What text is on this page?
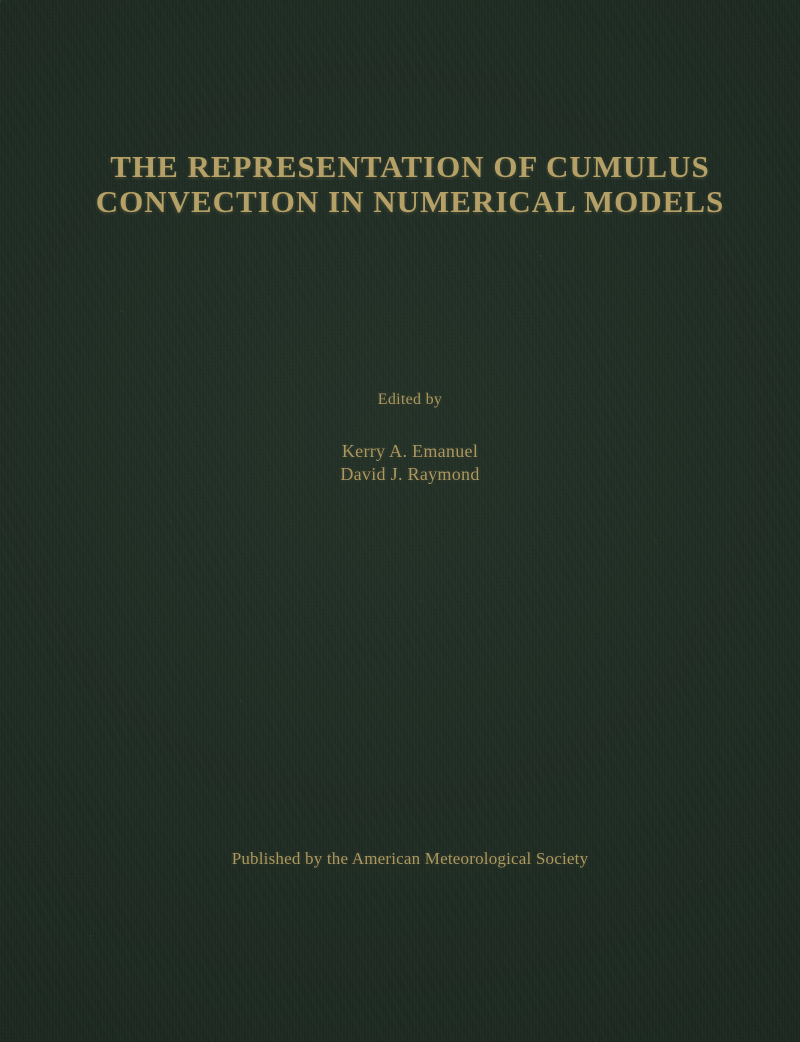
THE REPRESENTATION OF CUMULUS
CONVECTION IN NUMERICAL MODELS
Edited by
Kerry A. Emanuel
David J. Raymond
Published by the American Meteorological Society
